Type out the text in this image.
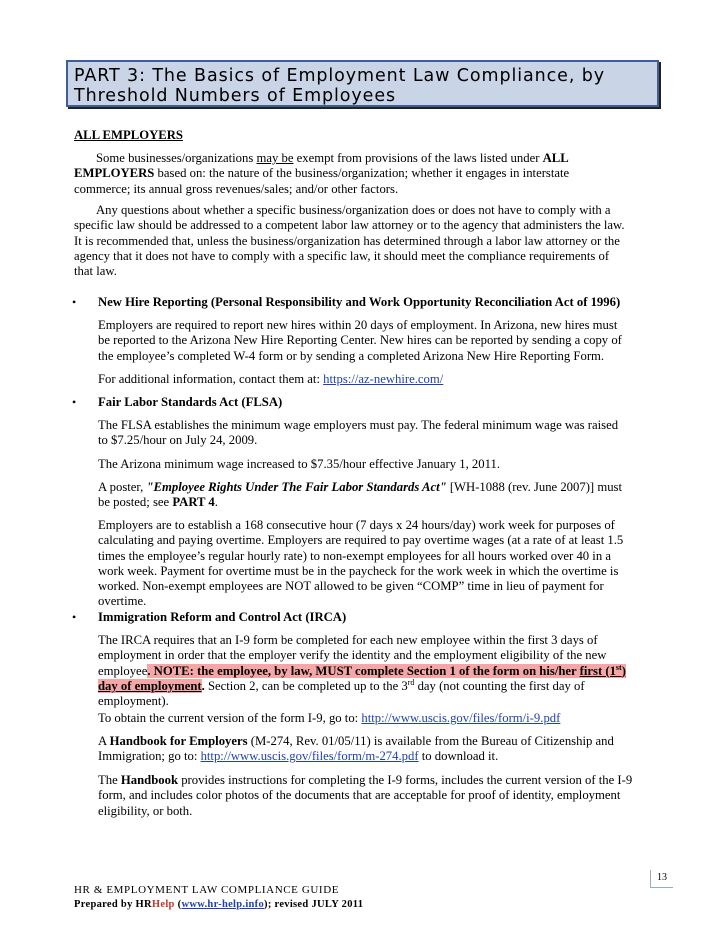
PART 3: The Basics of Employment Law Compliance, by
Threshold Numbers of Employees
ALL EMPLOYERS
Some businesses/organizations may be exempt from provisions of the laws listed under ALL
EMPLOYERS based on: the nature of the business/organization; whether it engages in interstate
commerce; its annual gross revenues/sales; and/or other factors.
Any questions about whether a specific business/organization does or does not have to comply with a
specific law should be addressed to a competent labor law attorney or to the agency that administers the law.
It is recommended that, unless the business/organization has determined through a labor law attorney or the
agency that it does not have to comply with a specific law, it should meet the compliance requirements of
that law.
• New Hire Reporting (Personal Responsibility and Work Opportunity Reconciliation Act of 1996)
Employers are required to report new hires within 20 days of employment. In Arizona, new hires must
be reported to the Arizona New Hire Reporting Center. New hires can be reported by sending a copy of
the employee’s completed W-4 form or by sending a completed Arizona New Hire Reporting Form.
For additional information, contact them at: https://az-newhire.com/
• Fair Labor Standards Act (FLSA)
The FLSA establishes the minimum wage employers must pay. The federal minimum wage was raised
to $7.25/hour on July 24, 2009.
The Arizona minimum wage increased to $7.35/hour effective January 1, 2011.
A poster, "Employee Rights Under The Fair Labor Standards Act" [WH-1088 (rev. June 2007)] must
be posted; see PART 4.
Employers are to establish a 168 consecutive hour (7 days x 24 hours/day) work week for purposes of
calculating and paying overtime. Employers are required to pay overtime wages (at a rate of at least 1.5
times the employee’s regular hourly rate) to non-exempt employees for all hours worked over 40 in a
work week. Payment for overtime must be in the paycheck for the work week in which the overtime is
worked. Non-exempt employees are NOT allowed to be given “COMP” time in lieu of payment for
overtime.
• Immigration Reform and Control Act (IRCA)
The IRCA requires that an I-9 form be completed for each new employee within the first 3 days of
employment in order that the employer verify the identity and the employment eligibility of the new
employee. NOTE: the employee, by law, MUST complete Section 1 of the form on his/her first (1st)
day of employment. Section 2, can be completed up to the 3rd day (not counting the first day of
employment).
To obtain the current version of the form I-9, go to: http://www.uscis.gov/files/form/i-9.pdf
A Handbook for Employers (M-274, Rev. 01/05/11) is available from the Bureau of Citizenship and
Immigration; go to: http://www.uscis.gov/files/form/m-274.pdf to download it.
The Handbook provides instructions for completing the I-9 forms, includes the current version of the I-9
form, and includes color photos of the documents that are acceptable for proof of identity, employment
eligibility, or both.
13
HR & EMPLOYMENT LAW COMPLIANCE GUIDE
Prepared by HRHelp (www.hr-help.info); revised JULY 2011
